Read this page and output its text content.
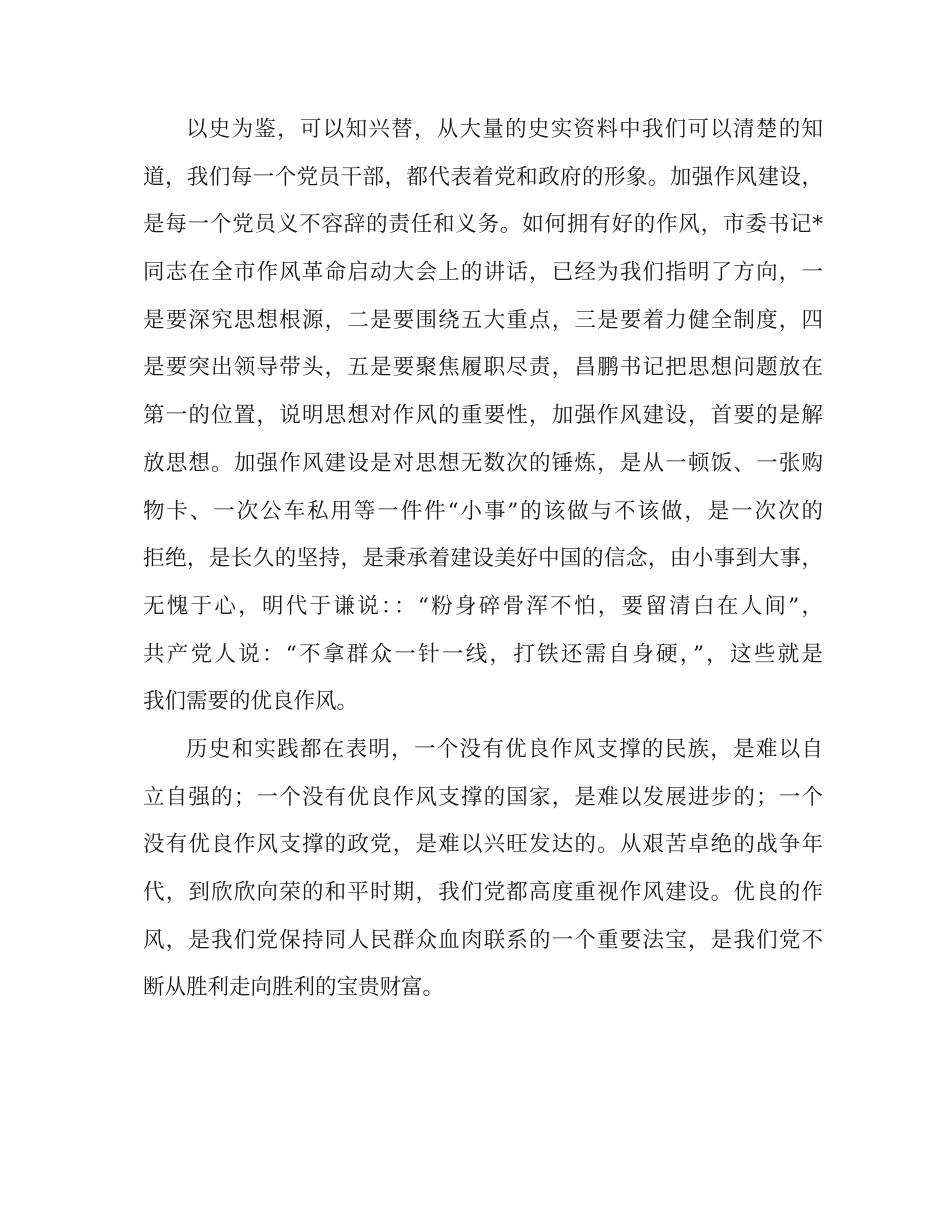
以史为鉴，可以知兴替，从大量的史实资料中我们可以清楚的知
道，我们每一个党员干部，都代表着党和政府的形象。加强作风建设，
是每一个党员义不容辞的责任和义务。如何拥有好的作风，市委书记*
同志在全市作风革命启动大会上的讲话，已经为我们指明了方向，一
是要深究思想根源，二是要围绕五大重点，三是要着力健全制度，四
是要突出领导带头，五是要聚焦履职尽责，昌鹏书记把思想问题放在
第一的位置，说明思想对作风的重要性，加强作风建设，首要的是解
放思想。加强作风建设是对思想无数次的锤炼，是从一顿饭、一张购
物卡、一次公车私用等一件件“小事”的该做与不该做，是一次次的
拒绝，是长久的坚持，是秉承着建设美好中国的信念，由小事到大事，
无愧于心，明代于谦说：：“粉身碎骨浑不怕，要留清白在人间”，
共产党人说：“不拿群众一针一线，打铁还需自身硬，”，这些就是
我们需要的优良作风。
历史和实践都在表明，一个没有优良作风支撑的民族，是难以自
立自强的；一个没有优良作风支撑的国家，是难以发展进步的；一个
没有优良作风支撑的政党，是难以兴旺发达的。从艰苦卓绝的战争年
代，到欣欣向荣的和平时期，我们党都高度重视作风建设。优良的作
风，是我们党保持同人民群众血肉联系的一个重要法宝，是我们党不
断从胜利走向胜利的宝贵财富。
